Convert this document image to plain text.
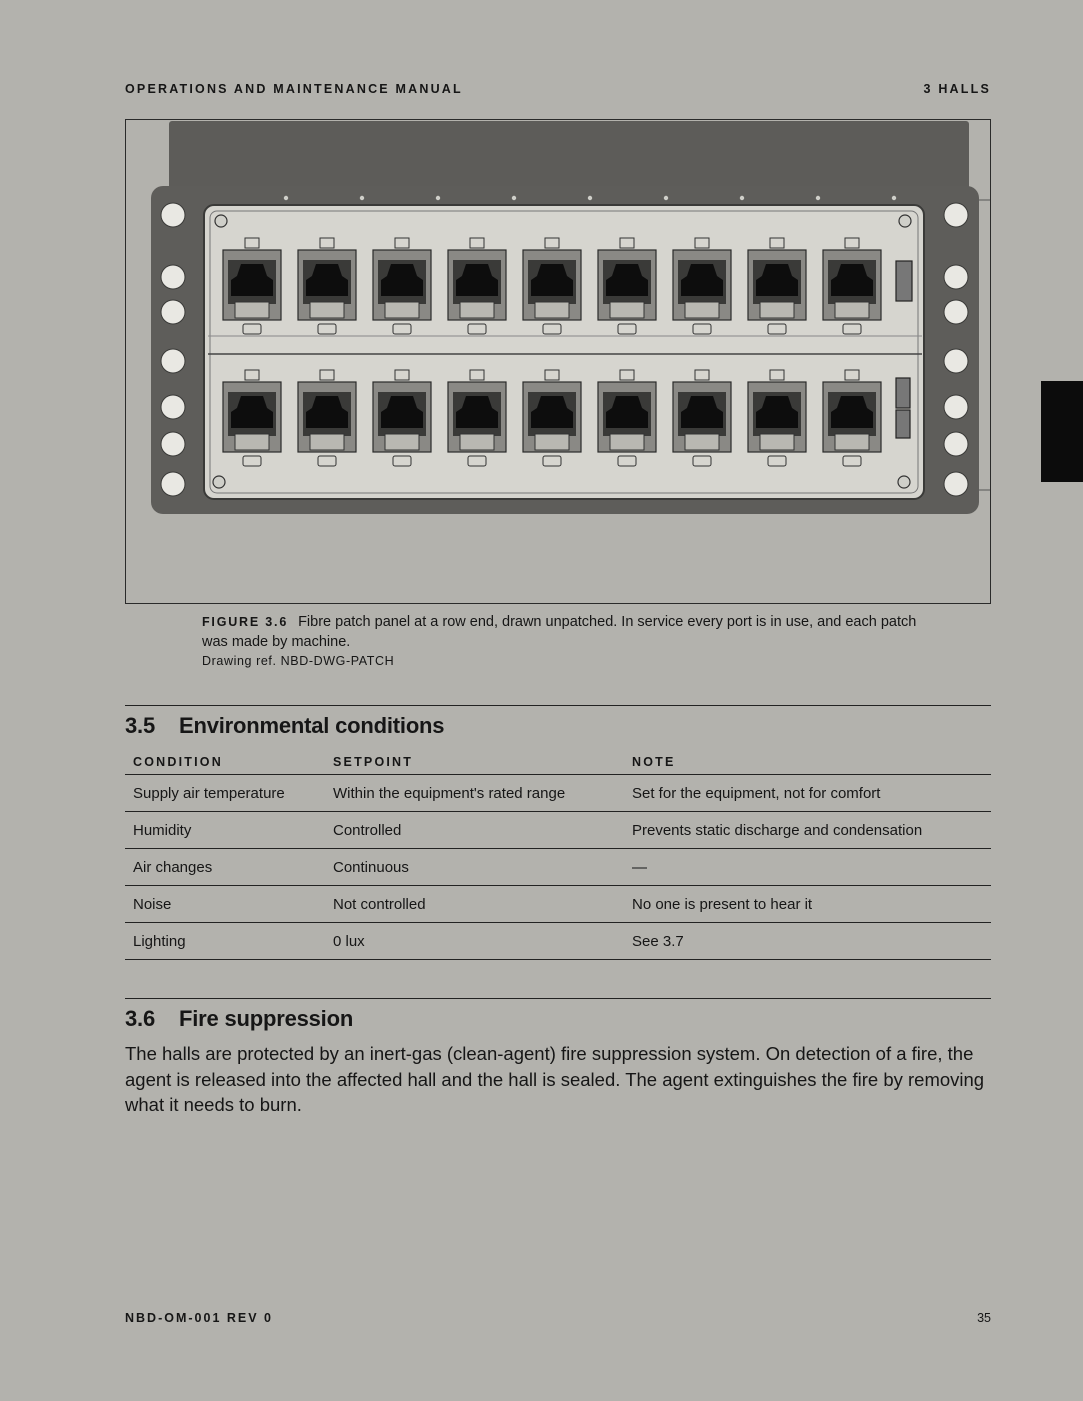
OPERATIONS AND MAINTENANCE MANUAL	3 HALLS
FIGURE 3.6 Fibre patch panel at a row end, drawn unpatched. In service every port is in use, and each patch was made by machine.
Drawing ref. NBD-DWG-PATCH
3.5 Environmental conditions
CONDITION	SETPOINT	NOTE
Supply air temperature	Within the equipment's rated range	Set for the equipment, not for comfort
Humidity	Controlled	Prevents static discharge and condensation
Air changes	Continuous	—
Noise	Not controlled	No one is present to hear it
Lighting	0 lux	See 3.7
3.6 Fire suppression
The halls are protected by an inert-gas (clean-agent) fire suppression system. On detection of a fire, the agent is released into the affected hall and the hall is sealed. The agent extinguishes the fire by removing what it needs to burn.
NBD-OM-001 REV 0	35
